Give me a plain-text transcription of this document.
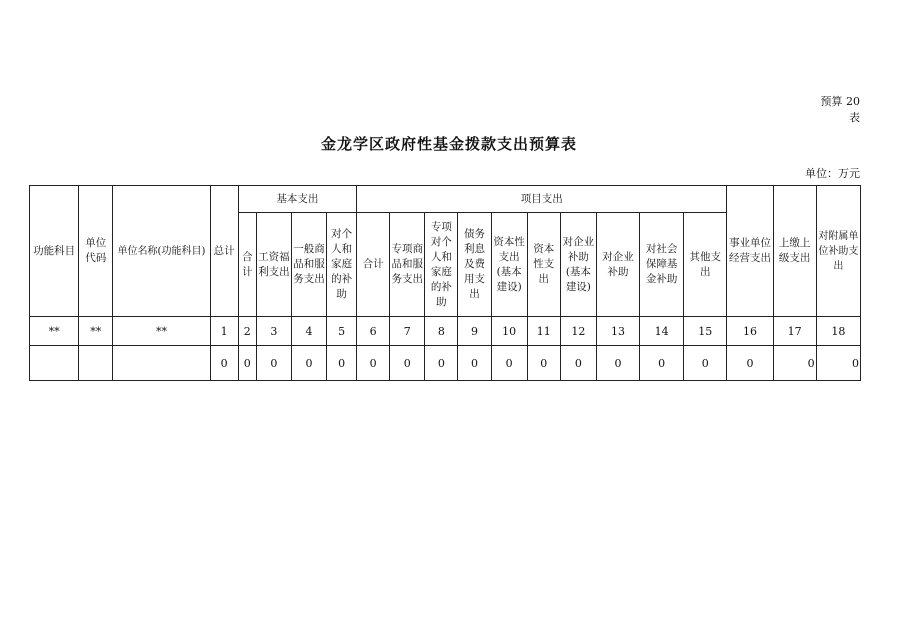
预算 20
表
金龙学区政府性基金拨款支出预算表
单位：万元
功能科目	单位代码	单位名称(功能科目)	总计	基本支出				项目支出										事业单位经营支出	上缴上级支出	对附属单位补助支出
				合计	工资福利支出	一般商品和服务支出	对个人和家庭的补助	合计	专项商品和服务支出	专项对个人和家庭的补助	债务利息及费用支出	资本性支出(基本建设)	资本性支出	对企业补助(基本建设)	对企业补助	对社会保障基金补助	其他支出			
**	**	**	1	2	3	4	5	6	7	8	9	10	11	12	13	14	15	16	17	18
			0	0	0	0	0	0	0	0	0	0	0	0	0	0	0	0	0	0
